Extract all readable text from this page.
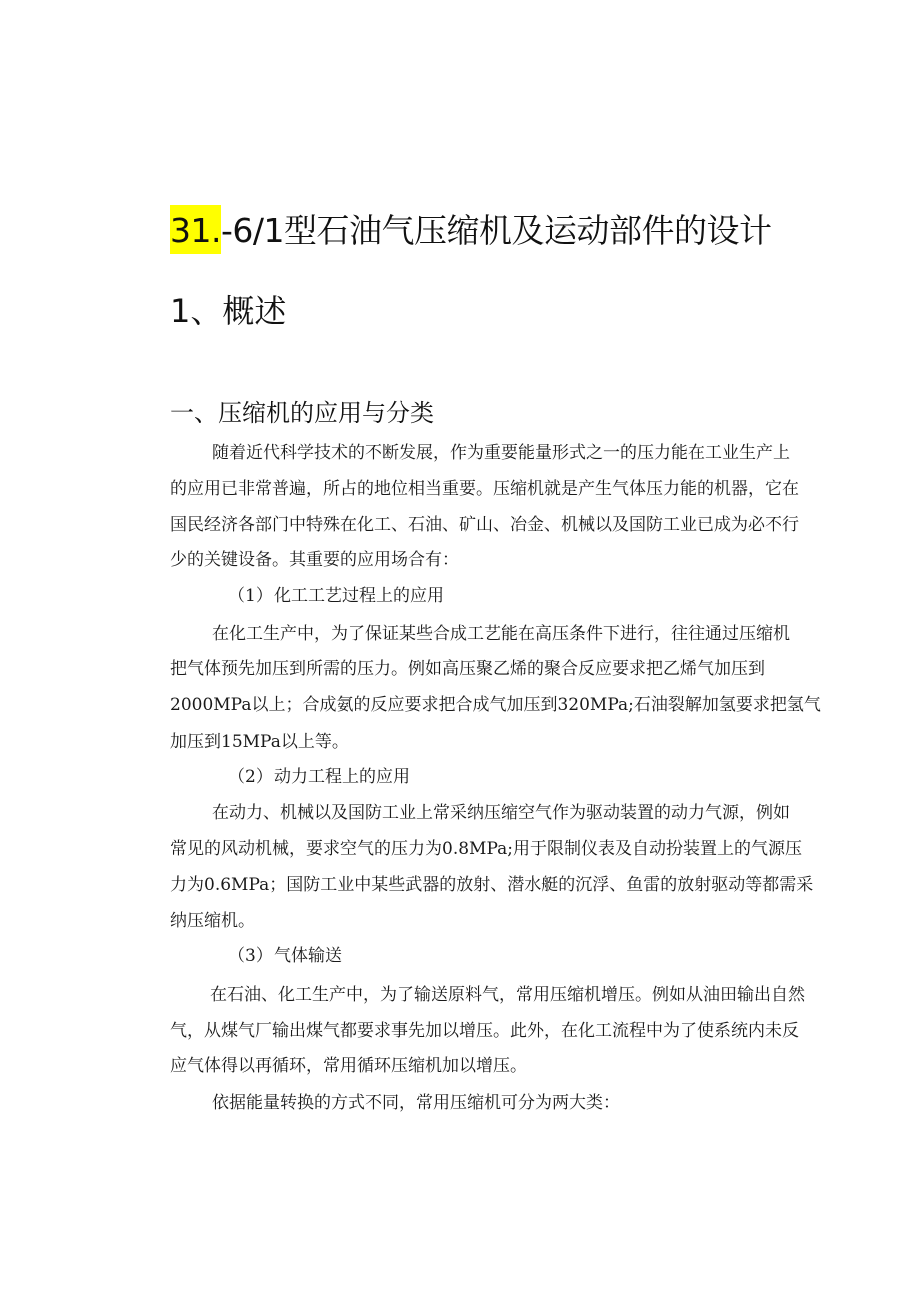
31.-6/1型石油气压缩机及运动部件的设计
1、概述
一、压缩机的应用与分类
随着近代科学技术的不断发展，作为重要能量形式之一的压力能在工业生产上
的应用已非常普遍，所占的地位相当重要。压缩机就是产生气体压力能的机器，它在
国民经济各部门中特殊在化工、石油、矿山、冶金、机械以及国防工业已成为必不行
少的关键设备。其重要的应用场合有：
（1）化工工艺过程上的应用
在化工生产中，为了保证某些合成工艺能在高压条件下进行，往往通过压缩机
把气体预先加压到所需的压力。例如高压聚乙烯的聚合反应要求把乙烯气加压到
2000MPa以上；合成氨的反应要求把合成气加压到320MPa;石油裂解加氢要求把氢气
加压到15MPa以上等。
（2）动力工程上的应用
在动力、机械以及国防工业上常采纳压缩空气作为驱动装置的动力气源，例如
常见的风动机械，要求空气的压力为0.8MPa;用于限制仪表及自动扮装置上的气源压
力为0.6MPa；国防工业中某些武器的放射、潜水艇的沉浮、鱼雷的放射驱动等都需采
纳压缩机。
（3）气体输送
在石油、化工生产中，为了输送原料气，常用压缩机增压。例如从油田输出自然
气，从煤气厂输出煤气都要求事先加以增压。此外，在化工流程中为了使系统内未反
应气体得以再循环，常用循环压缩机加以增压。
依据能量转换的方式不同，常用压缩机可分为两大类：
